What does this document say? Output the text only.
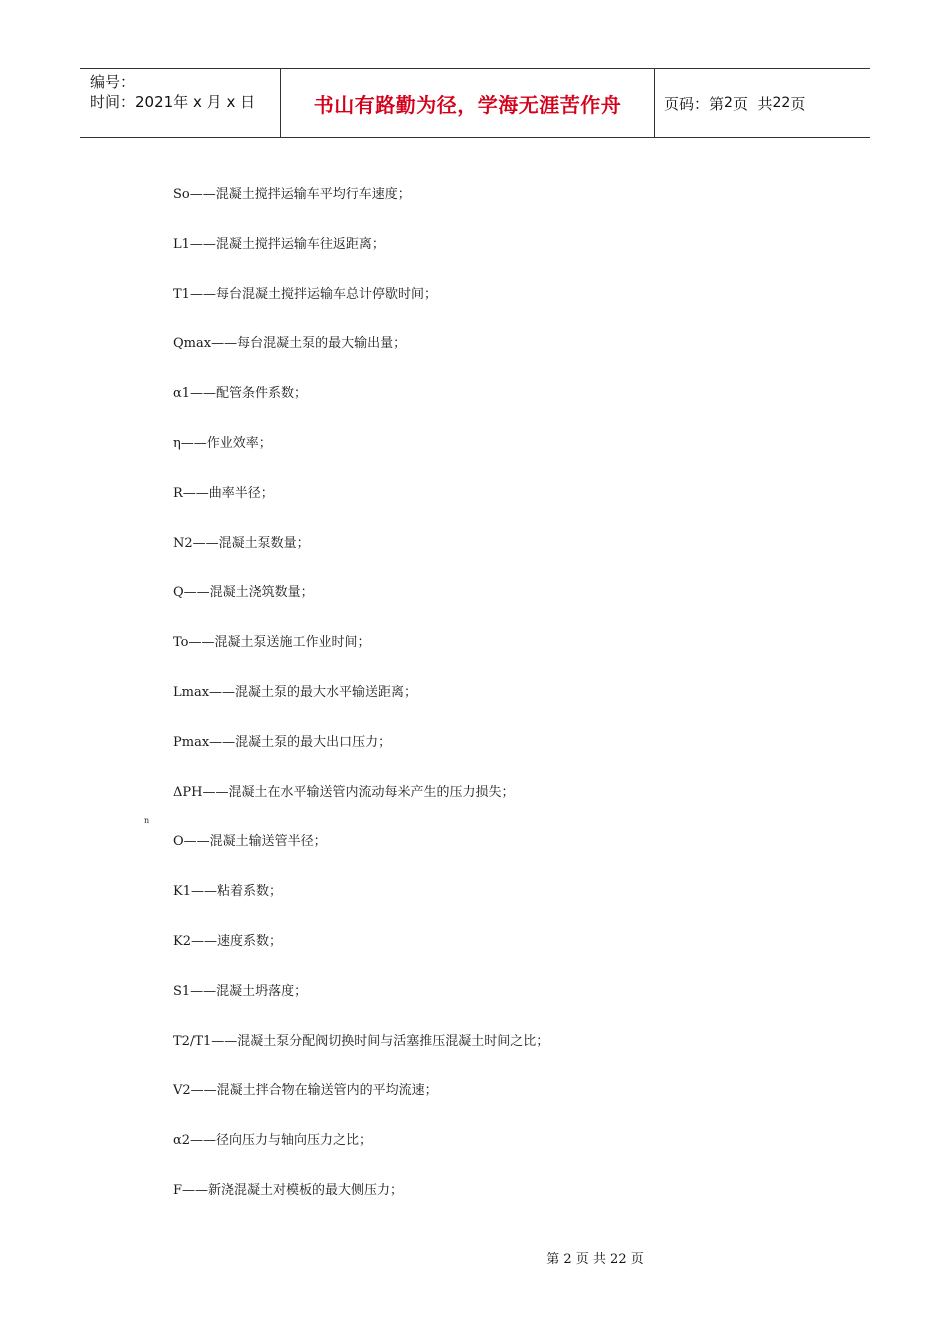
编号：
时间：2021年 x 月 x 日	书山有路勤为径，学海无涯苦作舟	页码：第 2 页
共 22 页
So——混凝土搅拌运输车平均行车速度；
L1——混凝土搅拌运输车往返距离；
T1——每台混凝土搅拌运输车总计停歇时间；
Qmax——每台混凝土泵的最大输出量；
α1——配管条件系数；
η——作业效率；
R——曲率半径；
N2——混凝土泵数量；
Q——混凝土浇筑数量；
To——混凝土泵送施工作业时间；
Lmax——混凝土泵的最大水平输送距离；
Pmax——混凝土泵的最大出口压力；
ΔPH——混凝土在水平输送管内流动每米产生的压力损失；
O——混凝土输送管半径；
K1——粘着系数；
K2——速度系数；
S1——混凝土坍落度；
T2/T1——混凝土泵分配阀切换时间与活塞推压混凝土时间之比；
V2——混凝土拌合物在输送管内的平均流速；
α2——径向压力与轴向压力之比；
F——新浇混凝土对模板的最大侧压力；
n
第 2 页 共 22 页
